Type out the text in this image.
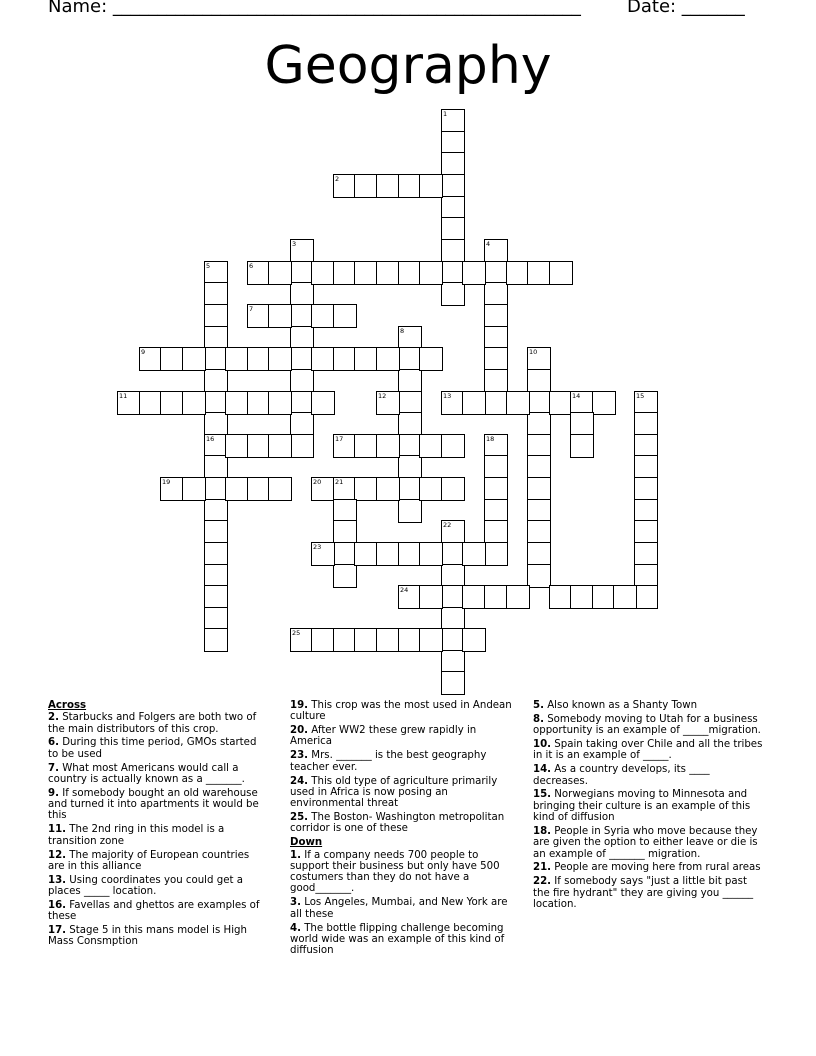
Name: ____________________________________________________	Date: _______
Geography
1
2
3	4
5
16
6
7
8
9	10
11	12	13	14	15
17	18
19	20 21
22
23
24
25
Across
2. Starbucks and Folgers are both two of the main distributors of this crop.
6. During this time period, GMOs started to be used
7. What most Americans would call a country is actually known as a _______.
9. If somebody bought an old warehouse and turned it into apartments it would be this
11. The 2nd ring in this model is a transition zone
12. The majority of European countries are in this alliance
13. Using coordinates you could get a places _____ location.
16. Favellas and ghettos are examples of these
17. Stage 5 in this mans model is High Mass Consmption
19. This crop was the most used in Andean culture
20. After WW2 these grew rapidly in America
23. Mrs. _______ is the best geography teacher ever.
24. This old type of agriculture primarily used in Africa is now posing an environmental threat
25. The Boston- Washington metropolitan corridor is one of these
Down
1. If a company needs 700 people to support their business but only have 500 costumers than they do not have a good_______.
3. Los Angeles, Mumbai, and New York are all these
4. The bottle flipping challenge becoming world wide was an example of this kind of diffusion
5. Also known as a Shanty Town
8. Somebody moving to Utah for a business opportunity is an example of _____migration.
10. Spain taking over Chile and all the tribes in it is an example of _____.
14. As a country develops, its ____ decreases.
15. Norwegians moving to Minnesota and bringing their culture is an example of this kind of diffusion
18. People in Syria who move because they are given the option to either leave or die is an example of _______ migration.
21. People are moving here from rural areas
22. If somebody says "just a little bit past the fire hydrant" they are giving you ______ location.
